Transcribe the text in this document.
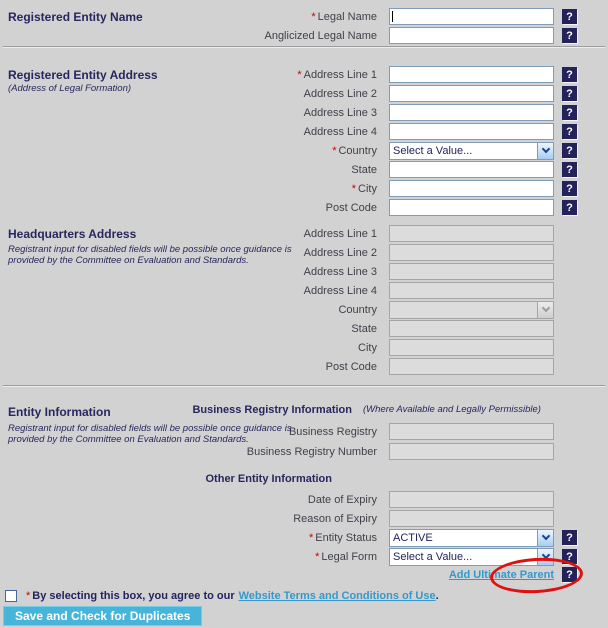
Registered Entity Name	* Legal Name	?
Anglicized Legal Name	?
Registered Entity Address
(Address of Legal Formation)
* Address Line 1	?
Address Line 2	?
Address Line 3	?
Address Line 4	?
* Country Select a Value...	?
State	?
* City	?
Post Code	?
Headquarters Address
Registrant input for disabled fields will be possible once guidance is provided by the Committee on Evaluation and Standards.
Address Line 1
Address Line 2
Address Line 3
Address Line 4
Country
State
City
Post Code
Entity Information
Registrant input for disabled fields will be possible once guidance is provided by the Committee on Evaluation and Standards.
Business Registry Information (Where Available and Legally Permissible)
Business Registry
Business Registry Number
Other Entity Information
Date of Expiry
Reason of Expiry
* Entity Status ACTIVE	?
* Legal Form Select a Value...	?
Add Ultimate Parent	?
* By selecting this box, you agree to our Website Terms and Conditions of Use .
Save and Check for Duplicates
